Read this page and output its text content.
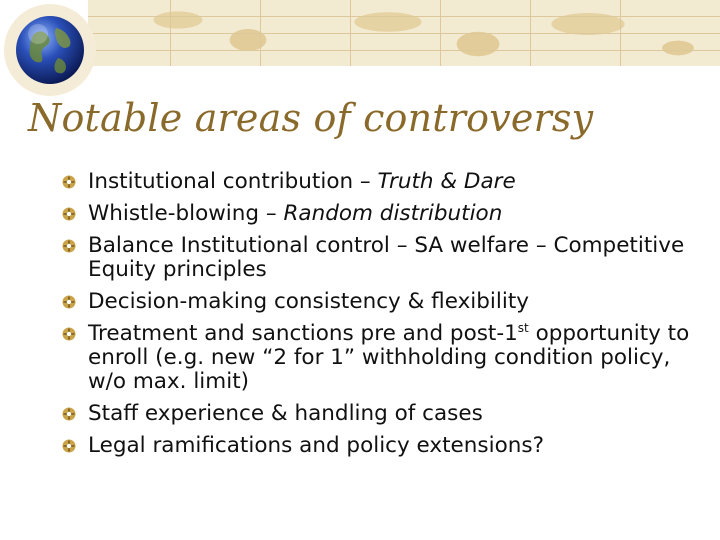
Notable areas of controversy
Institutional contribution – Truth & Dare
Whistle-blowing – Random distribution
Balance Institutional control – SA welfare – Competitive Equity principles
Decision-making consistency & flexibility
Treatment and sanctions pre and post-1st opportunity to enroll (e.g. new “2 for 1” withholding condition policy, w/o max. limit)
Staff experience & handling of cases
Legal ramifications and policy extensions?
